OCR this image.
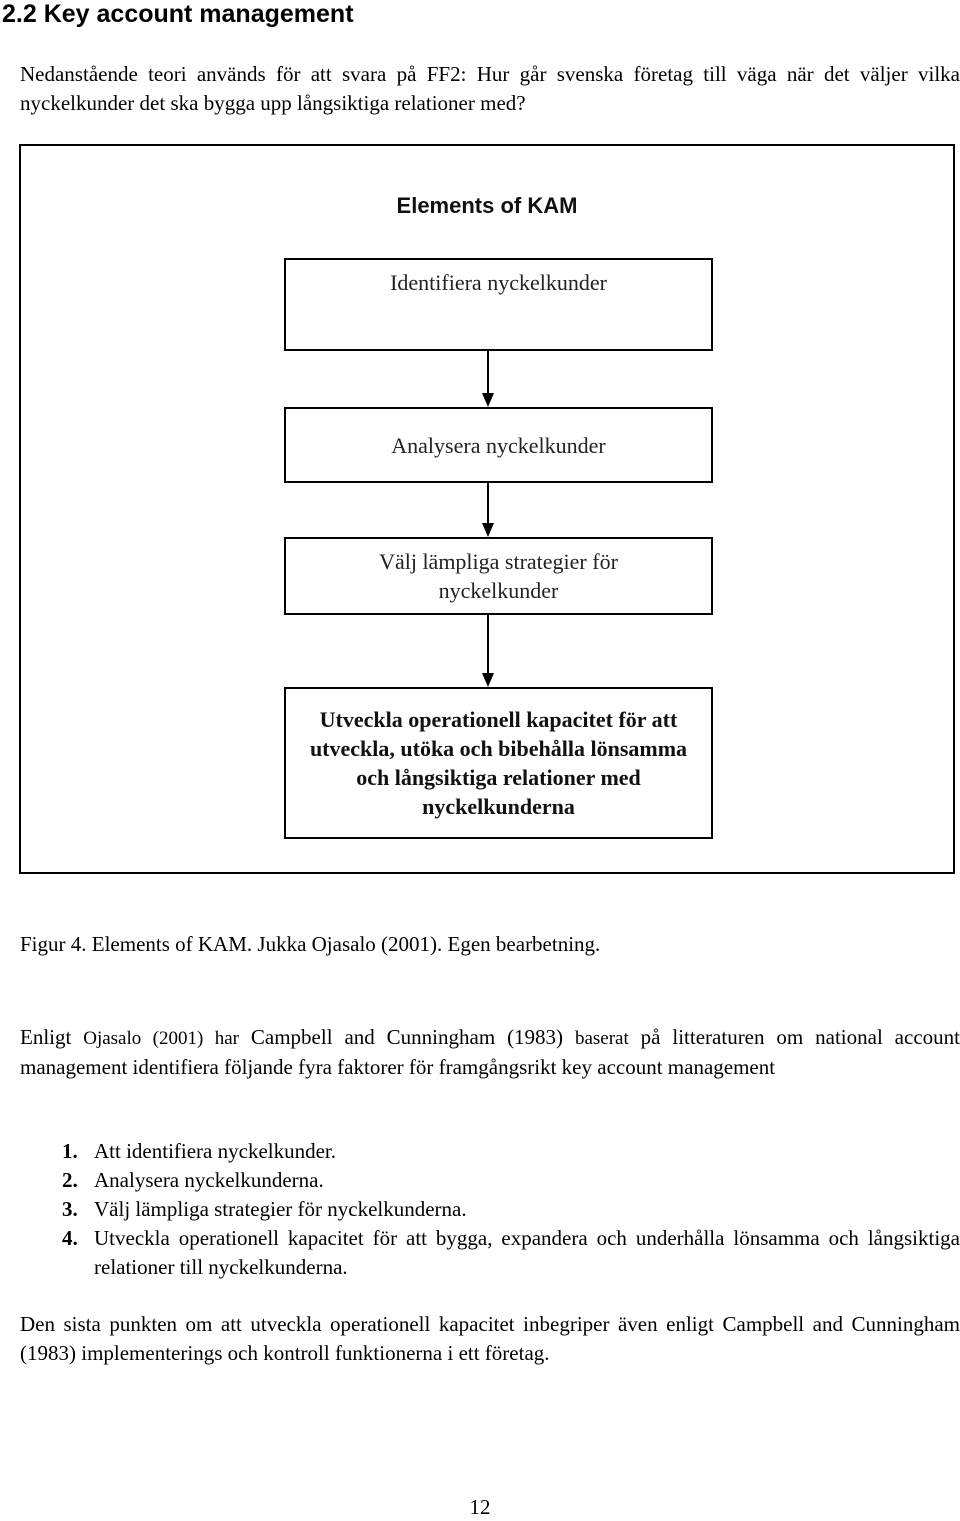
2.2 Key account management

Nedanstående teori används för att svara på FF2: Hur går svenska företag till väga när det väljer vilka nyckelkunder det ska bygga upp långsiktiga relationer med?

Elements of KAM
Identifiera nyckelkunder
Analysera nyckelkunder
Välj lämpliga strategier för nyckelkunder
Utveckla operationell kapacitet för att utveckla, utöka och bibehålla lönsamma och långsiktiga relationer med nyckelkunderna

Figur 4. Elements of KAM. Jukka Ojasalo (2001). Egen bearbetning.

Enligt Ojasalo (2001) har Campbell and Cunningham (1983) baserat på litteraturen om national account management identifiera följande fyra faktorer för framgångsrikt key account management

1. Att identifiera nyckelkunder.
2. Analysera nyckelkunderna.
3. Välj lämpliga strategier för nyckelkunderna.
4. Utveckla operationell kapacitet för att bygga, expandera och underhålla lönsamma och långsiktiga relationer till nyckelkunderna.

Den sista punkten om att utveckla operationell kapacitet inbegriper även enligt Campbell and Cunningham (1983) implementerings och kontroll funktionerna i ett företag.

12
